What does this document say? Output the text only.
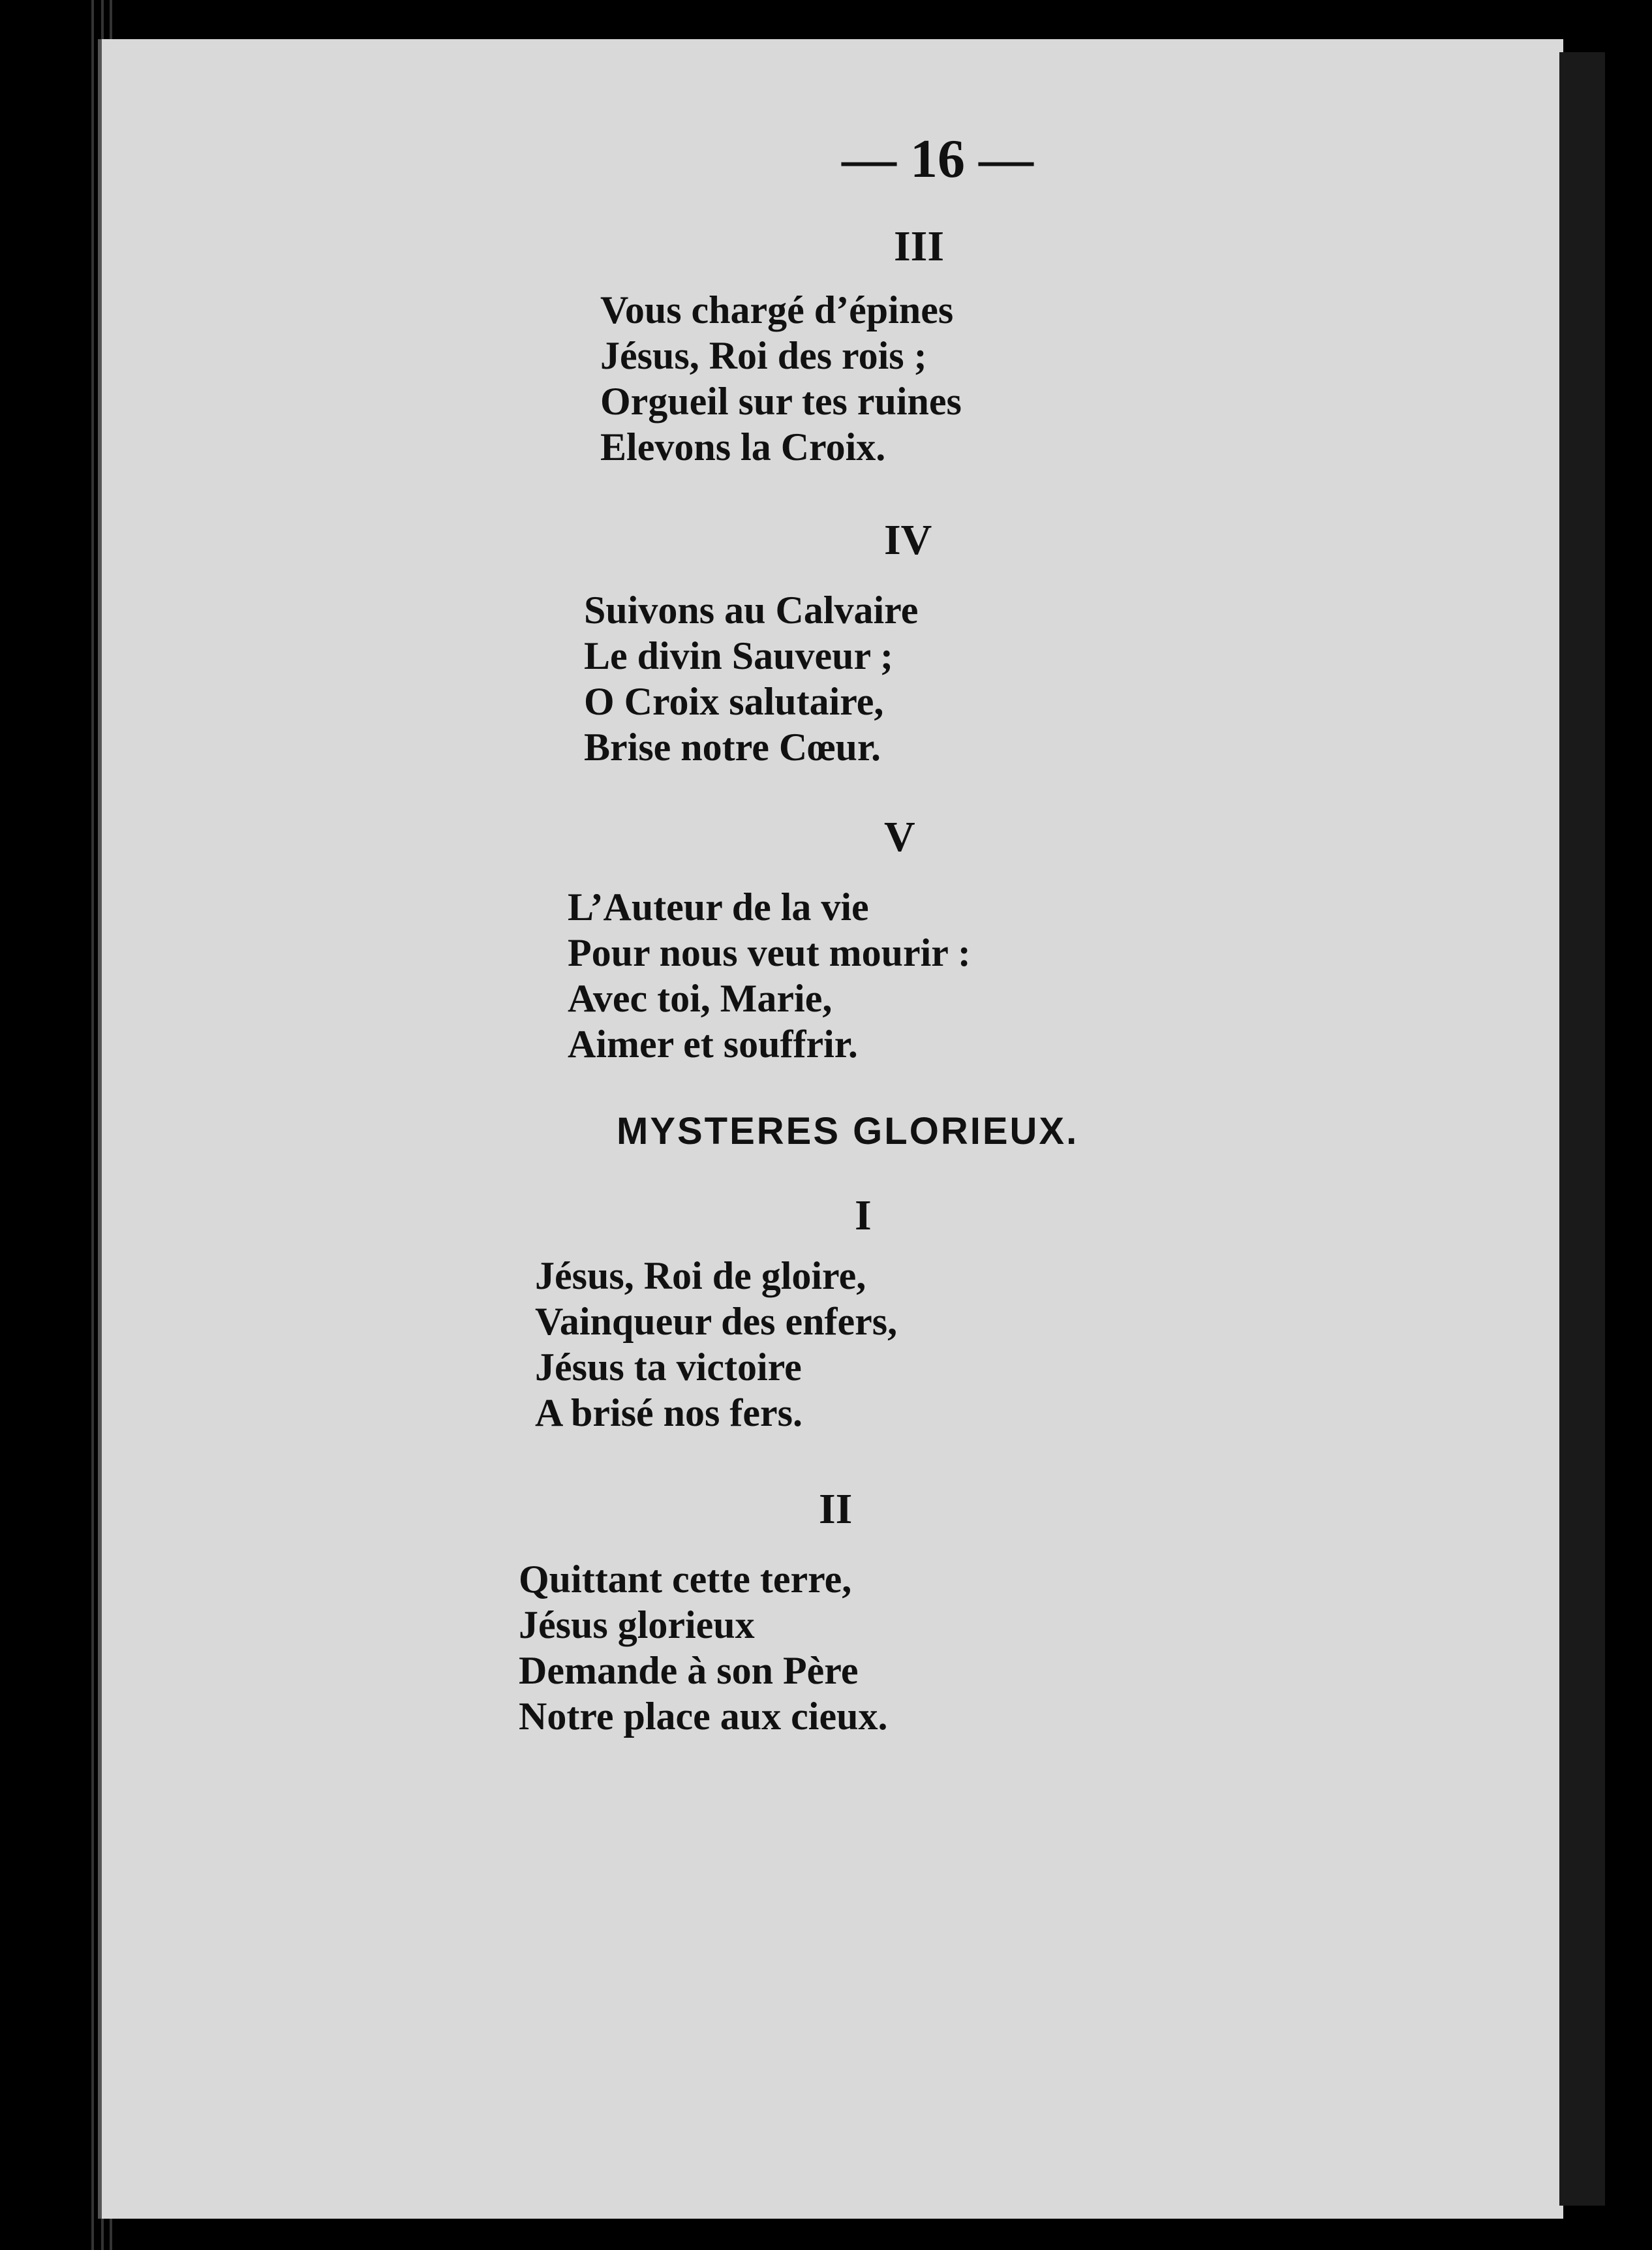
— 16 —

III

Vous chargé d’épines

Jésus, Roi des rois ;

Orgueil sur tes ruines

Elevons la Croix.

IV

Suivons au Calvaire

Le divin Sauveur ;

O Croix salutaire,

Brise notre Cœur.

V

L’Auteur de la vie

Pour nous veut mourir :

Avec toi, Marie,

Aimer et souffrir.

MYSTERES GLORIEUX.

I

Jésus, Roi de gloire,

Vainqueur des enfers,

Jésus ta victoire

A brisé nos fers.

II

Quittant cette terre,

Jésus glorieux

Demande à son Père

Notre place aux cieux.
